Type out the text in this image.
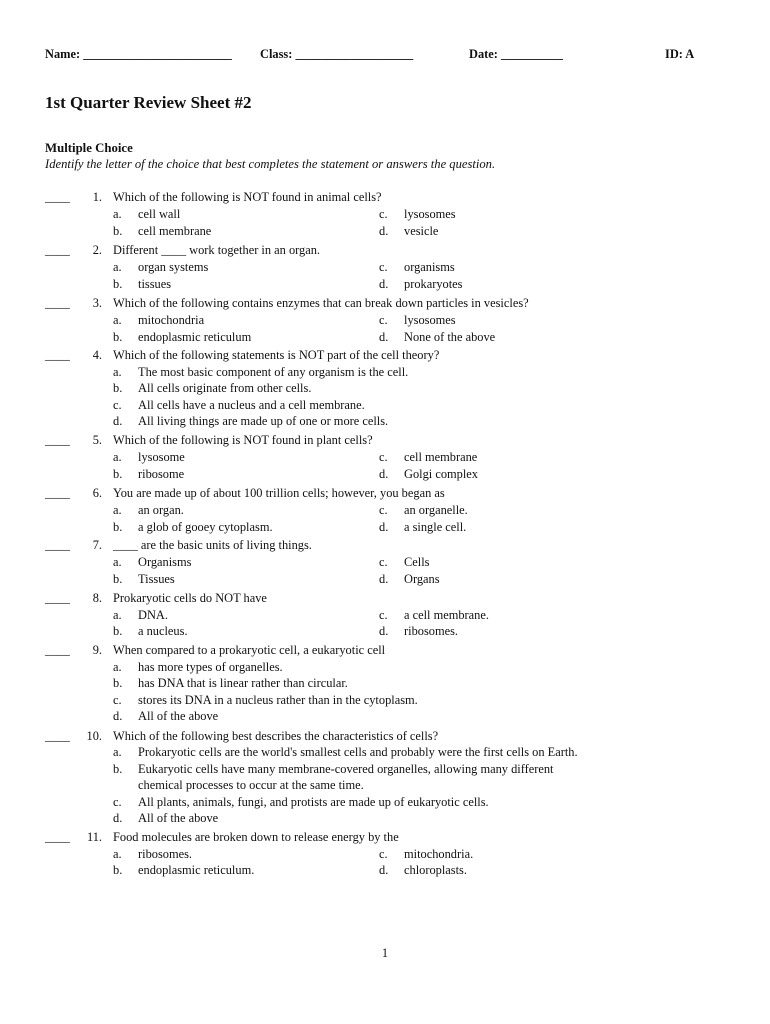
Name: ________________________ Class: ___________________	Date: __________	ID: A
1st Quarter Review Sheet #2
Multiple Choice
Identify the letter of the choice that best completes the statement or answers the question.
____	1. Which of the following is NOT found in animal cells?
a. cell wall
b. cell membrane
c. lysosomes
d. vesicle
____	2. Different ____ work together in an organ.
a. organ systems
b. tissues
c. organisms
d. prokaryotes
____	3. Which of the following contains enzymes that can break down particles in vesicles?
a. mitochondria
b. endoplasmic reticulum
c. lysosomes
d. None of the above
____	4. Which of the following statements is NOT part of the cell theory?
a. The most basic component of any organism is the cell.
b. All cells originate from other cells.
c. All cells have a nucleus and a cell membrane.
d. All living things are made up of one or more cells.
____	5. Which of the following is NOT found in plant cells?
a. lysosome
b. ribosome
c. cell membrane
d. Golgi complex
____	6. You are made up of about 100 trillion cells; however, you began as
a. an organ.
b. a glob of gooey cytoplasm.
c. an organelle.
d. a single cell.
____	7. ____ are the basic units of living things.
a. Organisms
b. Tissues
c. Cells
d. Organs
____	8. Prokaryotic cells do NOT have
a. DNA.
b. a nucleus.
c. a cell membrane.
d. ribosomes.
____	9. When compared to a prokaryotic cell, a eukaryotic cell
a. has more types of organelles.
b. has DNA that is linear rather than circular.
c. stores its DNA in a nucleus rather than in the cytoplasm.
d. All of the above
____	10. Which of the following best describes the characteristics of cells?
a. Prokaryotic cells are the world's smallest cells and probably were the first cells on Earth.
b. Eukaryotic cells have many membrane-covered organelles, allowing many different
chemical processes to occur at the same time.
c. All plants, animals, fungi, and protists are made up of eukaryotic cells.
d. All of the above
____	11. Food molecules are broken down to release energy by the
a. ribosomes.
b. endoplasmic reticulum.
c. mitochondria.
d. chloroplasts.
1
